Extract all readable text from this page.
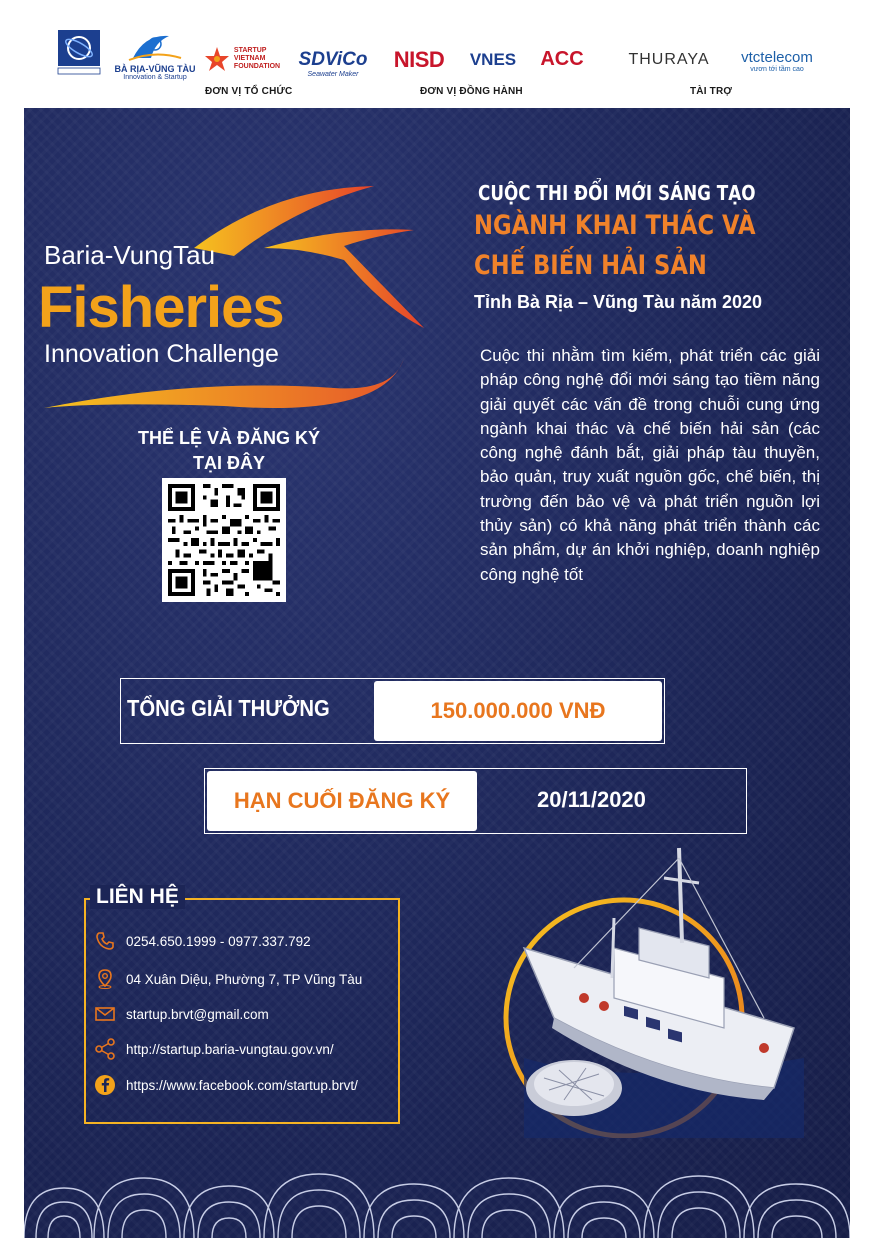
BÀ RỊA-VŨNG TÀU
Innovation & Startup
STARTUP
VIETNAM
FOUNDATION
ĐƠN VỊ TỔ CHỨC
SDViCo
Seawater Maker
NISD VNES ACC
ĐƠN VỊ ĐỒNG HÀNH
THURAYA vtctelecom
vươn tới tầm cao
TÀI TRỢ
Baria-VungTau
Fisheries
Innovation Challenge
THỂ LỆ VÀ ĐĂNG KÝ
TẠI ĐÂY
CUỘC THI ĐỔI MỚI SÁNG TẠO
NGÀNH KHAI THÁC VÀ
CHẾ BIẾN HẢI SẢN
Tỉnh Bà Rịa – Vũng Tàu năm 2020
Cuộc thi nhằm tìm kiếm, phát triển các giải pháp công nghệ đổi mới sáng tạo tiềm năng giải quyết các vấn đề trong chuỗi cung ứng ngành khai thác và chế biến hải sản (các công nghệ đánh bắt, giải pháp tàu thuyền, bảo quản, truy xuất nguồn gốc, chế biến, thị trường đến bảo vệ và phát triển nguồn lợi thủy sản) có khả năng phát triển thành các sản phẩm, dự án khởi nghiệp, doanh nghiệp công nghệ tốt
TỔNG GIẢI THƯỞNG	150.000.000 VNĐ
HẠN CUỐI ĐĂNG KÝ	20/11/2020
LIÊN HỆ
0254.650.1999 - 0977.337.792
04 Xuân Diệu, Phường 7, TP Vũng Tàu
startup.brvt@gmail.com
http://startup.baria-vungtau.gov.vn/
https://www.facebook.com/startup.brvt/
